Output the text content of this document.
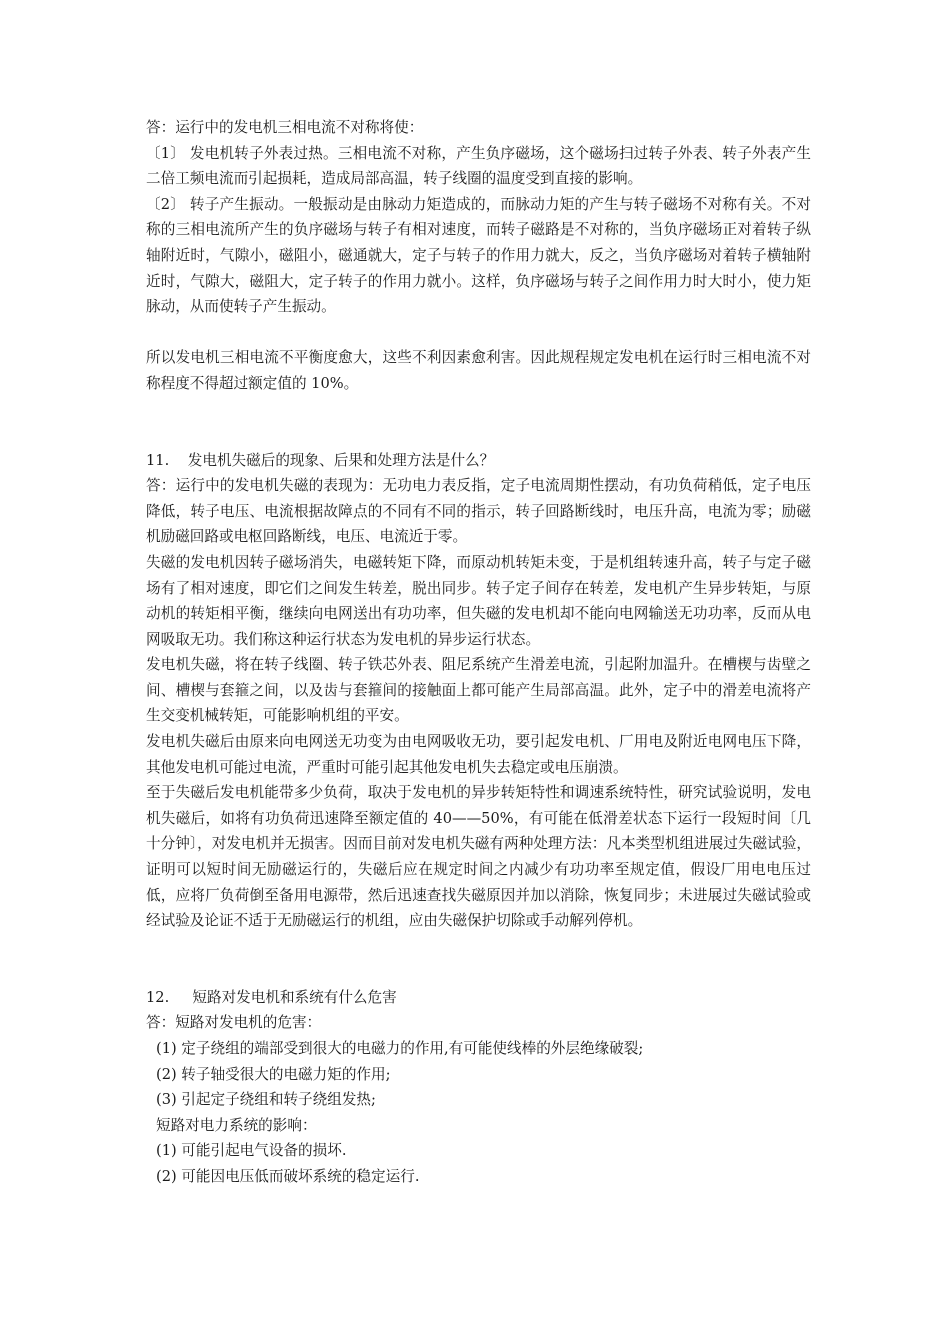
答：运行中的发电机三相电流不对称将使：

〔1〕 发电机转子外表过热。三相电流不对称，产生负序磁场，这个磁场扫过转子外表、转子外表产生二倍工频电流而引起损耗，造成局部高温，转子线圈的温度受到直接的影响。

〔2〕 转子产生振动。一般振动是由脉动力矩造成的，而脉动力矩的产生与转子磁场不对称有关。不对称的三相电流所产生的负序磁场与转子有相对速度，而转子磁路是不对称的，当负序磁场正对着转子纵轴附近时，气隙小，磁阻小，磁通就大，定子与转子的作用力就大，反之，当负序磁场对着转子横轴附近时，气隙大，磁阻大，定子转子的作用力就小。这样，负序磁场与转子之间作用力时大时小，使力矩脉动，从而使转子产生振动。

所以发电机三相电流不平衡度愈大，这些不利因素愈利害。因此规程规定发电机在运行时三相电流不对称程度不得超过额定值的 10%。

11.    发电机失磁后的现象、后果和处理方法是什么？

答：运行中的发电机失磁的表现为：无功电力表反指，定子电流周期性摆动，有功负荷稍低，定子电压降低，转子电压、电流根据故障点的不同有不同的指示，转子回路断线时，电压升高，电流为零；励磁机励磁回路或电枢回路断线，电压、电流近于零。

失磁的发电机因转子磁场消失，电磁转矩下降，而原动机转矩未变，于是机组转速升高，转子与定子磁场有了相对速度，即它们之间发生转差，脱出同步。转子定子间存在转差，发电机产生异步转矩，与原动机的转矩相平衡，继续向电网送出有功功率，但失磁的发电机却不能向电网输送无功功率，反而从电网吸取无功。我们称这种运行状态为发电机的异步运行状态。

发电机失磁，将在转子线圈、转子铁芯外表、阻尼系统产生滑差电流，引起附加温升。在槽楔与齿壁之间、槽楔与套箍之间，以及齿与套箍间的接触面上都可能产生局部高温。此外，定子中的滑差电流将产生交变机械转矩，可能影响机组的平安。

发电机失磁后由原来向电网送无功变为由电网吸收无功，要引起发电机、厂用电及附近电网电压下降，其他发电机可能过电流，严重时可能引起其他发电机失去稳定或电压崩溃。

至于失磁后发电机能带多少负荷，取决于发电机的异步转矩特性和调速系统特性，研究试验说明，发电机失磁后，如将有功负荷迅速降至额定值的 40——50%，有可能在低滑差状态下运行一段短时间〔几十分钟〕，对发电机并无损害。因而目前对发电机失磁有两种处理方法：凡本类型机组进展过失磁试验，证明可以短时间无励磁运行的，失磁后应在规定时间之内减少有功功率至规定值，假设厂用电电压过低，应将厂负荷倒至备用电源带，然后迅速查找失磁原因并加以消除，恢复同步；未进展过失磁试验或经试验及论证不适于无励磁运行的机组，应由失磁保护切除或手动解列停机。

12.     短路对发电机和系统有什么危害

答：短路对发电机的危害：

(1) 定子绕组的端部受到很大的电磁力的作用,有可能使线棒的外层绝缘破裂;

(2) 转子轴受很大的电磁力矩的作用;

(3) 引起定子绕组和转子绕组发热;

短路对电力系统的影响：

(1) 可能引起电气设备的损坏.

(2) 可能因电压低而破坏系统的稳定运行.
